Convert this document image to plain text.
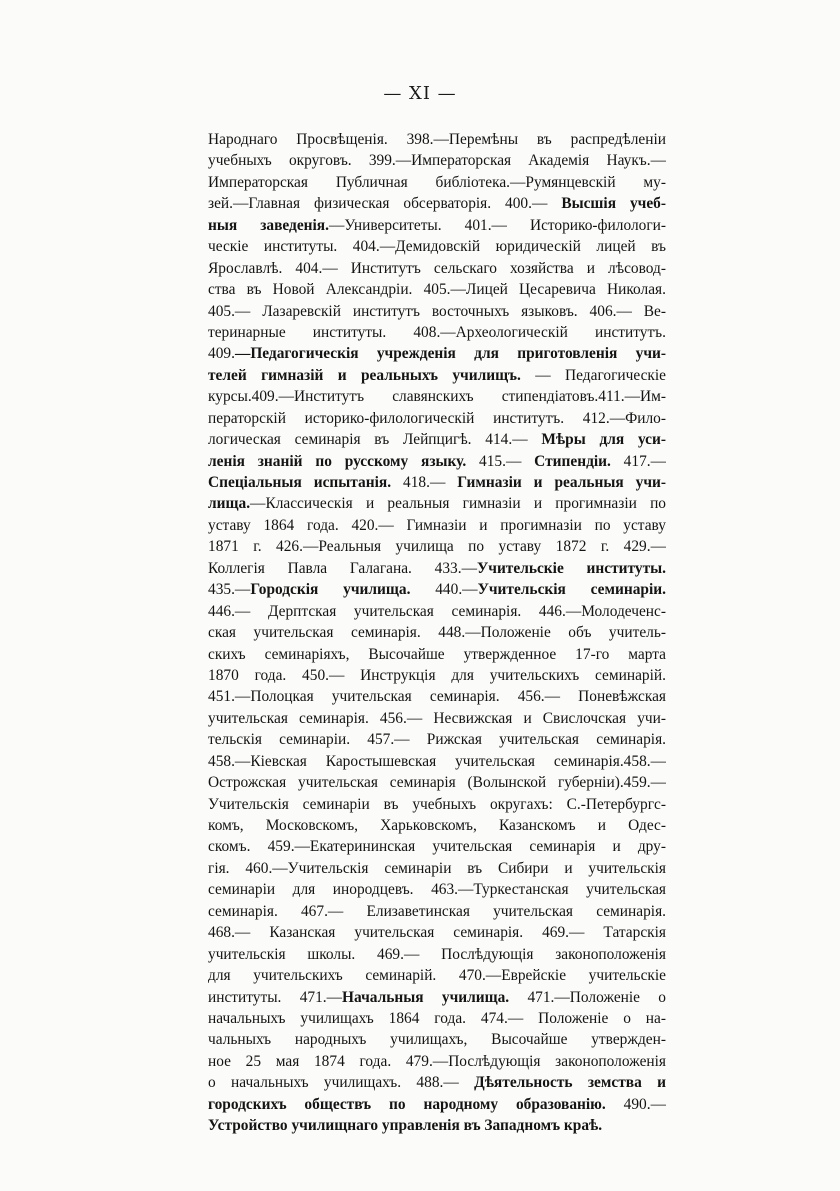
— XI —
Народнаго Просвѣщенія. 398.—Перемѣны въ распредѣленіи
учебныхъ округовъ. 399.—Императорская Академія Наукъ.—
Императорская Публичная библіотека.—Румянцевскій му-
зей.—Главная физическая обсерваторія. 400.— Высшія учеб-
ныя заведенія.—Университеты. 401.— Историко-филологи-
ческіе институты. 404.—Демидовскій юридическій лицей въ
Ярославлѣ. 404.— Институтъ сельскаго хозяйства и лѣсовод-
ства въ Новой Александріи. 405.—Лицей Цесаревича Николая.
405.— Лазаревскій институтъ восточныхъ языковъ. 406.— Ве-
теринарные институты. 408.—Археологическій институтъ.
409.—Педагогическія учрежденія для приготовленія учи-
телей гимназій и реальныхъ училищъ. — Педагогическіе
курсы.409.—Институтъ славянскихъ стипендіатовъ.411.—Им-
ператорскій историко-филологическій институтъ. 412.—Фило-
логическая семинарія въ Лейпцигѣ. 414.— Мѣры для уси-
ленія знаній по русскому языку. 415.— Стипендіи. 417.—
Спеціальныя испытанія. 418.— Гимназіи и реальныя учи-
лища.—Классическія и реальныя гимназіи и прогимназіи по
уставу 1864 года. 420.— Гимназіи и прогимназіи по уставу
1871 г. 426.—Реальныя училища по уставу 1872 г. 429.—
Коллегія Павла Галагана. 433.—Учительскіе институты.
435.—Городскія училища. 440.—Учительскія семинаріи.
446.— Дерптская учительская семинарія. 446.—Молодеченс-
ская учительская семинарія. 448.—Положеніе объ учитель-
скихъ семинаріяхъ, Высочайше утвержденное 17-го марта
1870 года. 450.— Инструкція для учительскихъ семинарій.
451.—Полоцкая учительская семинарія. 456.— Поневѣжская
учительская семинарія. 456.— Несвижская и Свислочская учи-
тельскія семинаріи. 457.— Рижская учительская семинарія.
458.—Кіевская Каростышевская учительская семинарія.458.—
Острожская учительская семинарія (Волынской губерніи).459.—
Учительскія семинаріи въ учебныхъ округахъ: С.-Петербургс-
комъ, Московскомъ, Харьковскомъ, Казанскомъ и Одес-
скомъ. 459.—Екатерининская учительская семинарія и дру-
гія. 460.—Учительскія семинаріи въ Сибири и учительскія
семинаріи для инородцевъ. 463.—Туркестанская учительская
семинарія. 467.— Елизаветинская учительская семинарія.
468.— Казанская учительская семинарія. 469.— Татарскія
учительскія школы. 469.— Послѣдующія законоположенія
для учительскихъ семинарій. 470.—Еврейскіе учительскіе
институты. 471.—Начальныя училища. 471.—Положеніе о
начальныхъ училищахъ 1864 года. 474.— Положеніе о на-
чальныхъ народныхъ училищахъ, Высочайше утвержден-
ное 25 мая 1874 года. 479.—Послѣдующія законоположенія
о начальныхъ училищахъ. 488.— Дѣятельность земства и
городскихъ обществъ по народному образованію. 490.—
Устройство училищнаго управленія въ Западномъ краѣ.
